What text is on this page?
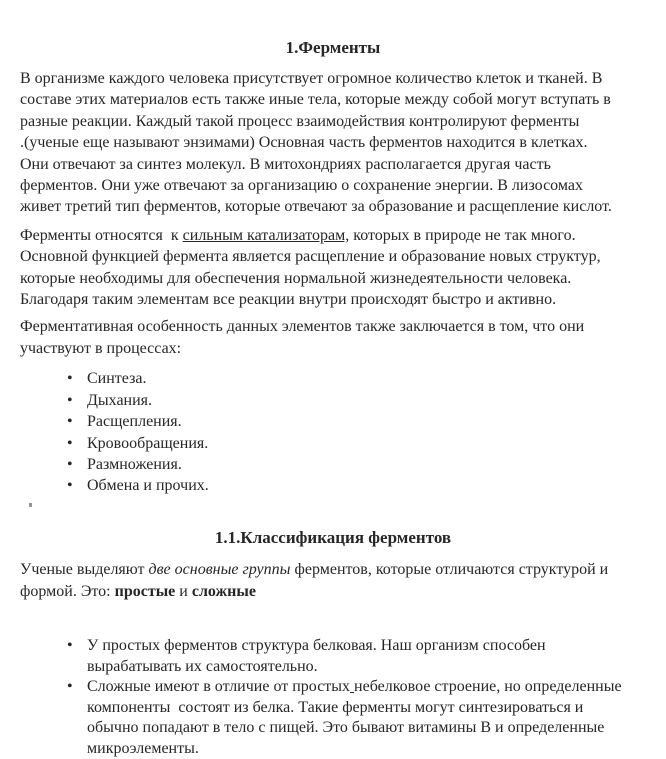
1.Ферменты
В организме каждого человека присутствует огромное количество клеток и тканей. В
составе этих материалов есть также иные тела, которые между собой могут вступать в
разные реакции. Каждый такой процесс взаимодействия контролируют ферменты
.(ученые еще называют энзимами) Основная часть ферментов находится в клетках.
Они отвечают за синтез молекул. В митохондриях располагается другая часть
ферментов. Они уже отвечают за организацию о сохранение энергии. В лизосомах
живет третий тип ферментов, которые отвечают за образование и расщепление кислот.
Ферменты относятся  к сильным катализаторам, которых в природе не так много.
Основной функцией фермента является расщепление и образование новых структур,
которые необходимы для обеспечения нормальной жизнедеятельности человека.
Благодаря таким элементам все реакции внутри происходят быстро и активно.
Ферментативная особенность данных элементов также заключается в том, что они
участвуют в процессах:
• Синтеза.
• Дыхания.
• Расщепления.
• Кровообращения.
• Размножения.
• Обмена и прочих.
1.1.Классификация ферментов
Ученые выделяют две основные группы ферментов, которые отличаются структурой и
формой. Это: простые и сложные
• У простых ферментов структура белковая. Наш организм способен
вырабатывать их самостоятельно.
• Сложные имеют в отличие от простых небелковое строение, но определенные
компоненты  состоят из белка. Такие ферменты могут синтезироваться и
обычно попадают в тело с пищей. Это бывают витамины В и определенные
микроэлементы.
